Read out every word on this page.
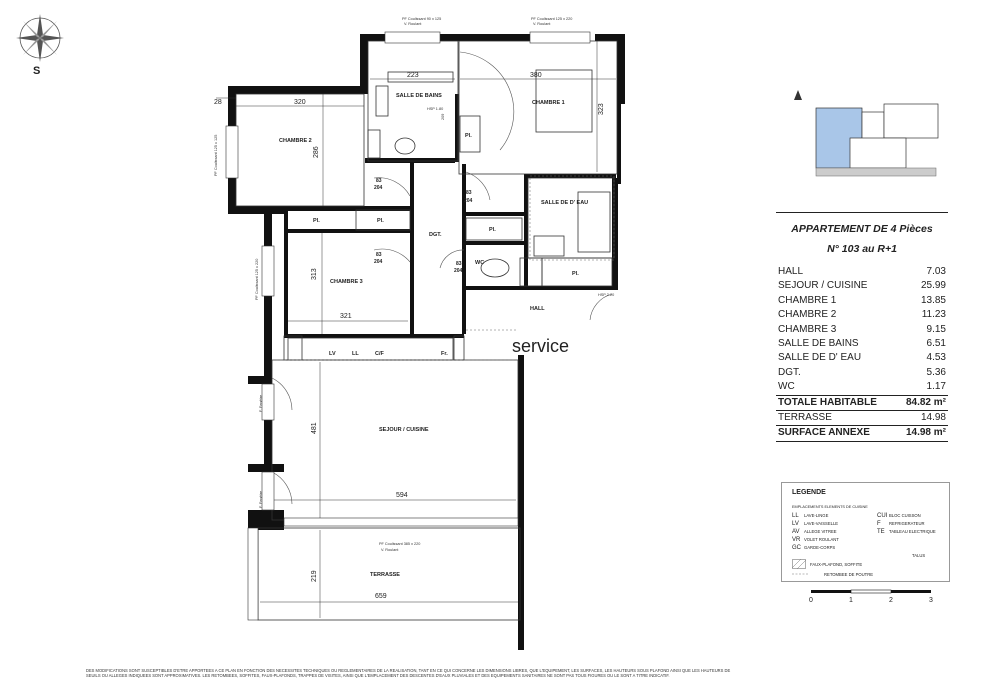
S
SALLE DE BAINS
CHAMBRE 1
CHAMBRE 2
CHAMBRE 3
SALLE DE D' EAU
DGT.
WC
HALL
SEJOUR / CUISINE
TERRASSE
Pl.
Pl.	Pl.
Pl.
Pl.
28	320
223	380
659
321
594
323
286
313
481
219
209
83
204
83
204	83
204
83
204
LV	LL	C/F	Fr.
PF Coulissant 90 x 125
V. Roulant
PF Coulissant 125 x 220
V. Roulant
PF Coulissant 125 x 125
PF Coulissant 125 x 220
PF Coulissant 385 x 220
V. Roulant
HSP 1.80
HSP 2.20
F. Fenêtre
F. Fenêtre
service
APPARTEMENT DE 4 Pièces
N° 103 au R+1
HALL	7.03
SEJOUR / CUISINE	25.99
CHAMBRE 1	13.85
CHAMBRE 2	11.23
CHAMBRE 3	9.15
SALLE DE BAINS	6.51
SALLE DE D' EAU	4.53
DGT.	5.36
WC	1.17
TOTALE HABITABLE	84.82 m²
TERRASSE	14.98
SURFACE ANNEXE	14.98 m²
LEGENDE
EMPLACEMENTS ELEMENTS DE CUISINE
LL LAVE-LINGE
LV LAVE-VAISSELLE
AV ALLEGE VITREE
VR VOLET ROULANT
GC GARDE-CORPS
CUI BLOC CUISSON
F REFRIGERATEUR
TE TABLEAU ELECTRIQUE
TALUS
FAUX-PLAFOND, SOFFITE
RETOMBEE DE POUTRE
0	1	2	3
DES MODIFICATIONS SONT SUSCEPTIBLES D'ETRE APPORTEES A CE PLAN EN FONCTION DES NECESSITES TECHNIQUES OU REGLEMENTAIRES DE LA REALISATION, TANT EN CE QUI CONCERNE LES DIMENSIONS LIBRES, QUE L'EQUIPEMENT, LES SURFACES, LES HAUTEURS SOUS PLAFOND AINSI QUE LES HAUTEURS DE SEUILS OU ALLEGES INDIQUEES SONT APPROXIMATIVES. LES RETOMBEES, SOFFITES, FAUX-PLAFONDS, TRAPPES DE VISITES, AINSI QUE L'EMPLACEMENT DES DESCENTES D'EAUX PLUVIALES ET DES EQUIPEMENTS SANITAIRES NE SONT PAS TOUS FIGURES OU LE SONT A TITRE INDICATIF.
